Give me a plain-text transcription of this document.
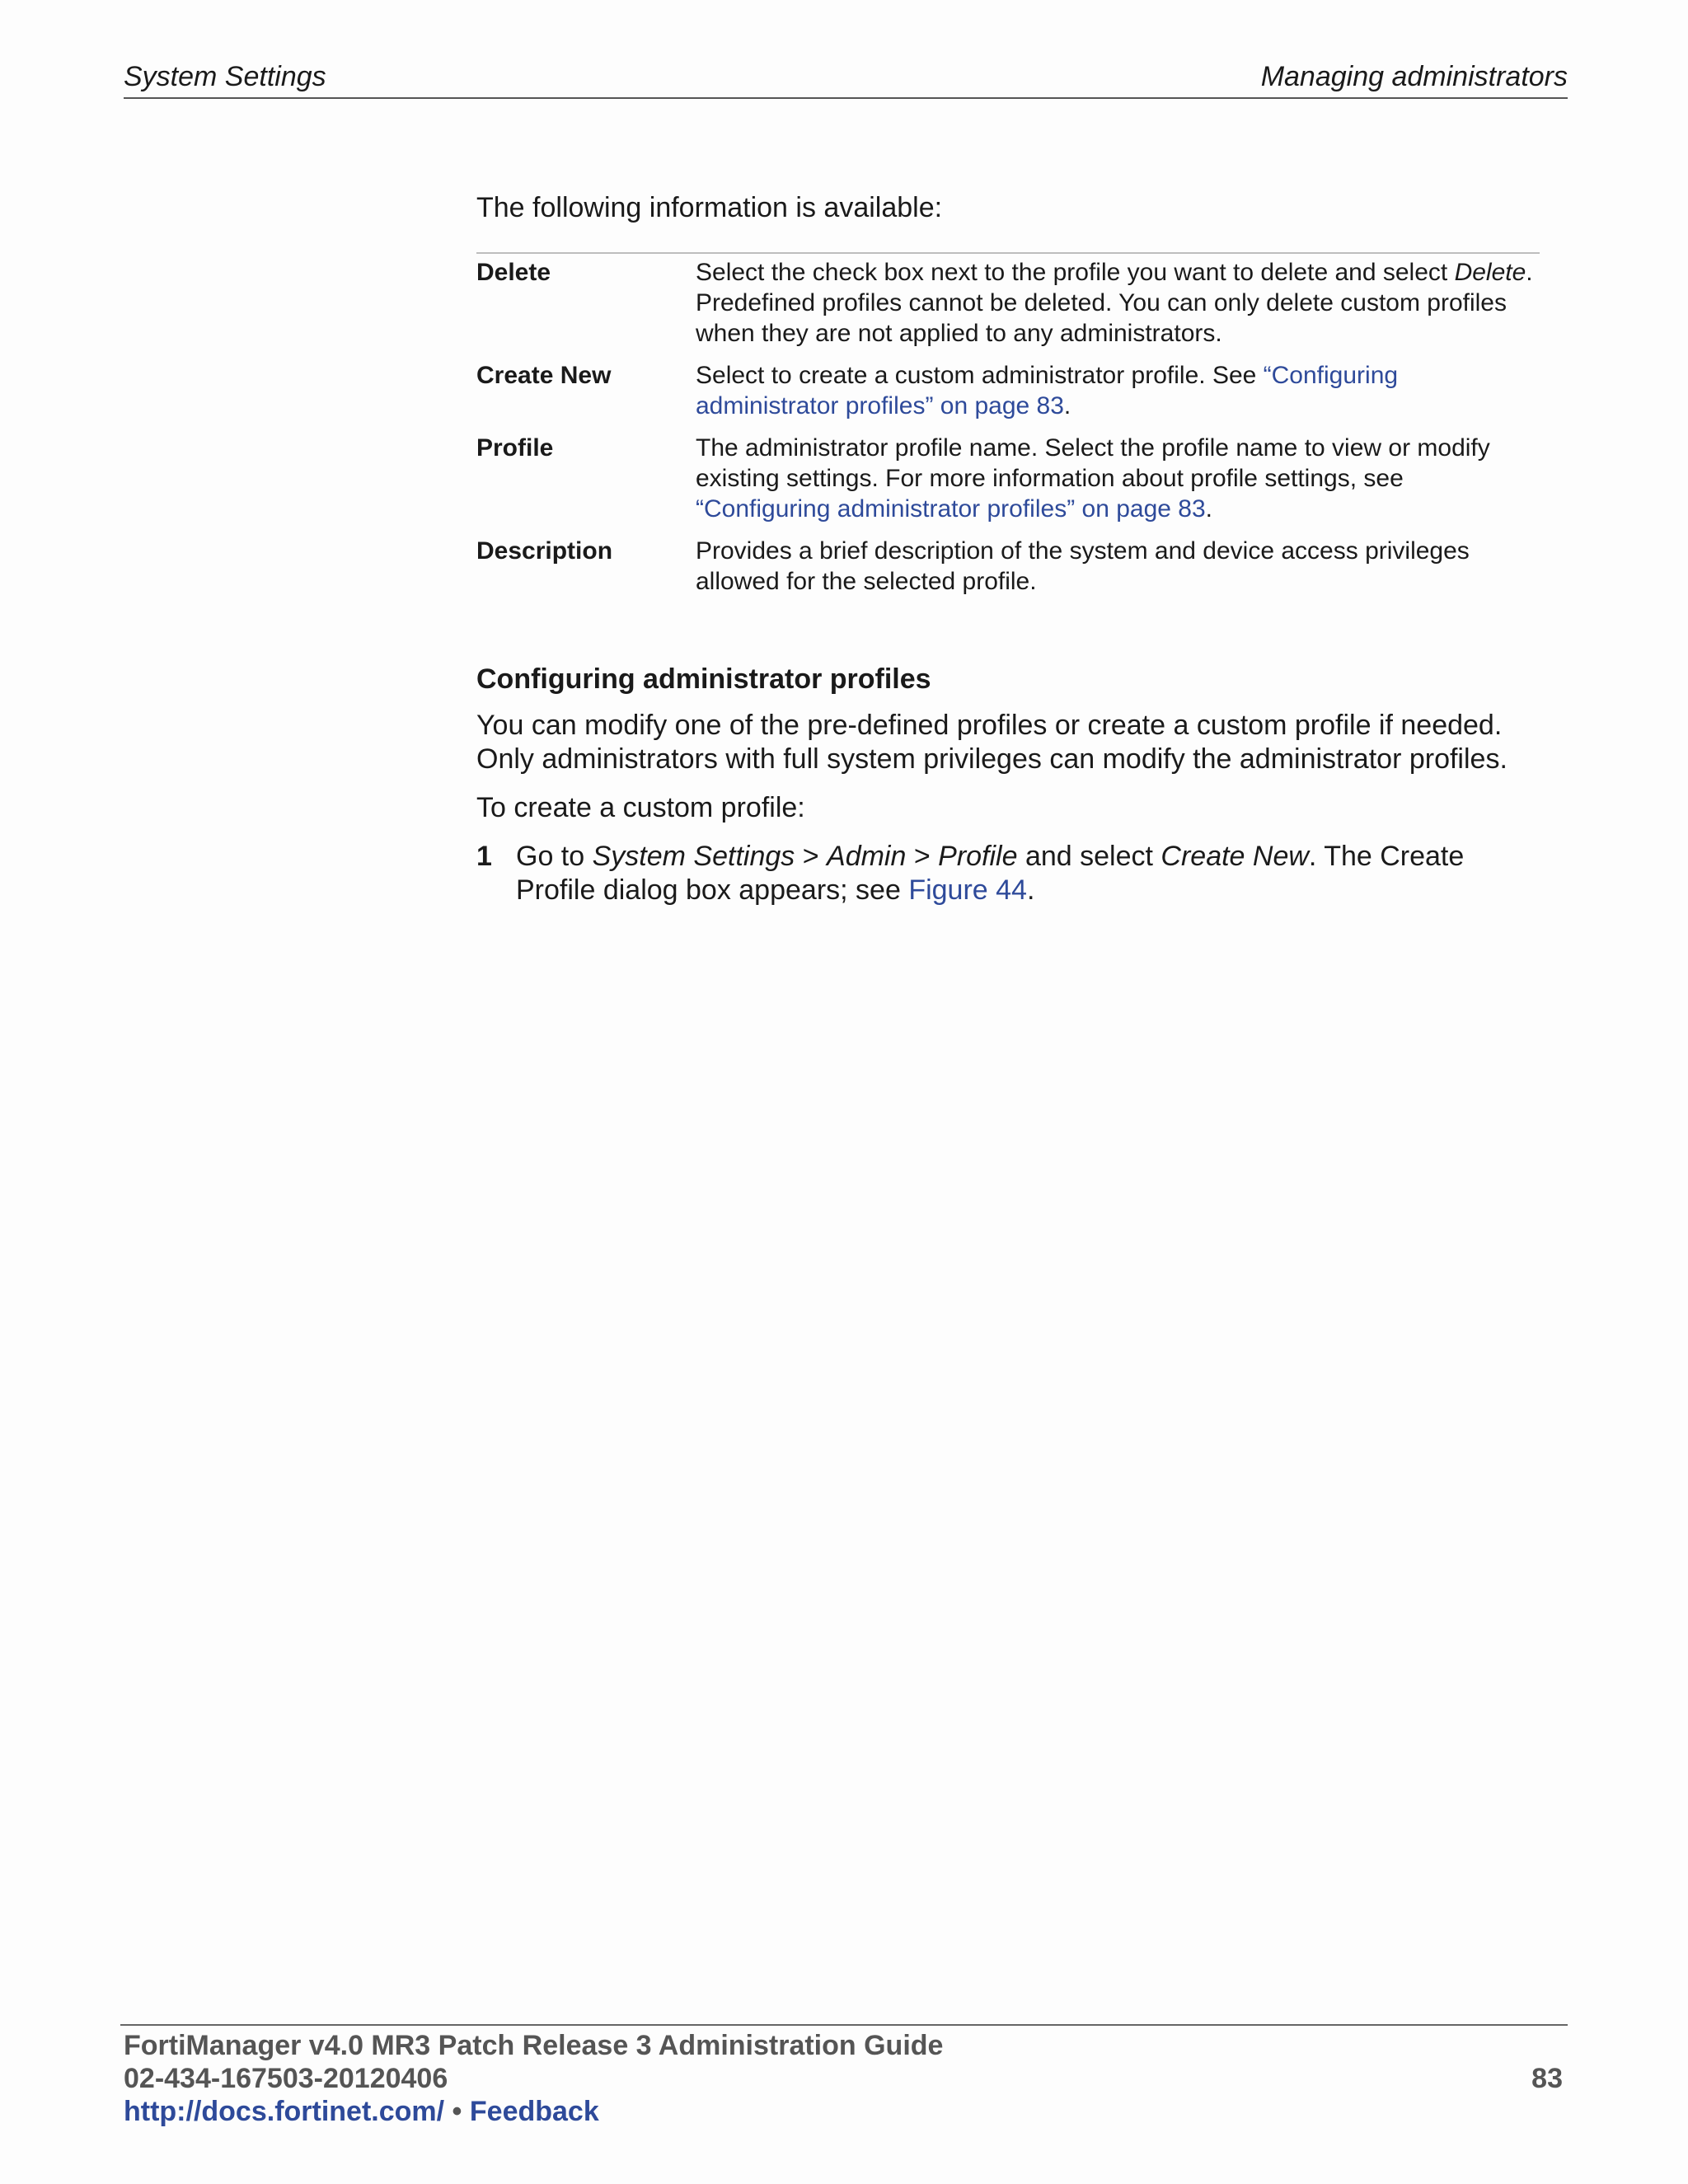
System Settings	Managing administrators

The following information is available:

Delete	Select the check box next to the profile you want to delete and select Delete. Predefined profiles cannot be deleted. You can only delete custom profiles when they are not applied to any administrators.
Create New	Select to create a custom administrator profile. See “Configuring administrator profiles” on page 83.
Profile	The administrator profile name. Select the profile name to view or modify existing settings. For more information about profile settings, see “Configuring administrator profiles” on page 83.
Description	Provides a brief description of the system and device access privileges allowed for the selected profile.
Configuring administrator profiles

You can modify one of the pre-defined profiles or create a custom profile if needed. Only administrators with full system privileges can modify the administrator profiles.

To create a custom profile:

1 Go to System Settings > Admin > Profile and select Create New. The Create Profile dialog box appears; see Figure 44.
FortiManager v4.0 MR3 Patch Release 3 Administration Guide
02-434-167503-20120406
http://docs.fortinet.com/ • Feedback
83
